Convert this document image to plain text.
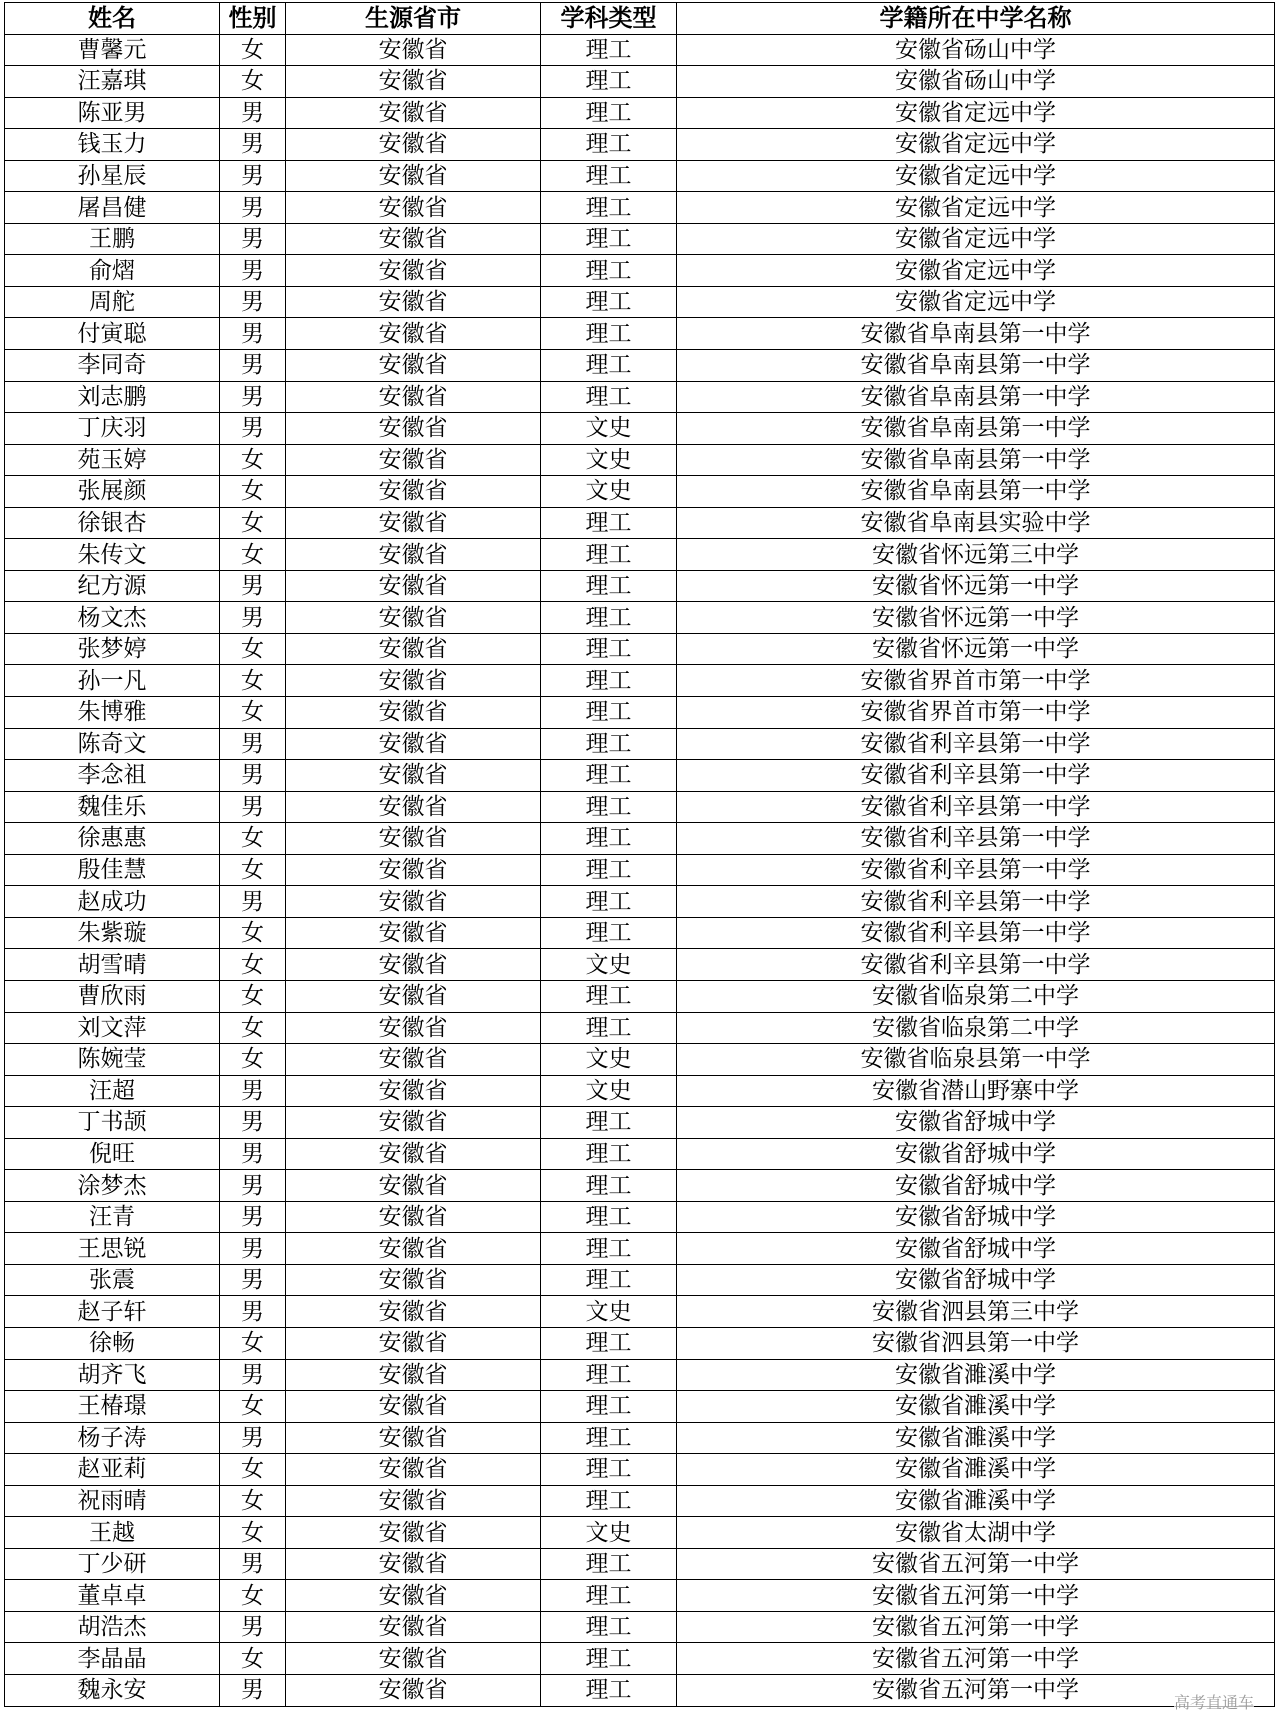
姓名	性别	生源省市	学科类型	学籍所在中学名称
曹馨元	女	安徽省	理工	安徽省砀山中学
汪嘉琪	女	安徽省	理工	安徽省砀山中学
陈亚男	男	安徽省	理工	安徽省定远中学
钱玉力	男	安徽省	理工	安徽省定远中学
孙星辰	男	安徽省	理工	安徽省定远中学
屠昌健	男	安徽省	理工	安徽省定远中学
王鹏	男	安徽省	理工	安徽省定远中学
俞熠	男	安徽省	理工	安徽省定远中学
周舵	男	安徽省	理工	安徽省定远中学
付寅聪	男	安徽省	理工	安徽省阜南县第一中学
李同奇	男	安徽省	理工	安徽省阜南县第一中学
刘志鹏	男	安徽省	理工	安徽省阜南县第一中学
丁庆羽	男	安徽省	文史	安徽省阜南县第一中学
苑玉婷	女	安徽省	文史	安徽省阜南县第一中学
张展颜	女	安徽省	文史	安徽省阜南县第一中学
徐银杏	女	安徽省	理工	安徽省阜南县实验中学
朱传文	女	安徽省	理工	安徽省怀远第三中学
纪方源	男	安徽省	理工	安徽省怀远第一中学
杨文杰	男	安徽省	理工	安徽省怀远第一中学
张梦婷	女	安徽省	理工	安徽省怀远第一中学
孙一凡	女	安徽省	理工	安徽省界首市第一中学
朱博雅	女	安徽省	理工	安徽省界首市第一中学
陈奇文	男	安徽省	理工	安徽省利辛县第一中学
李念祖	男	安徽省	理工	安徽省利辛县第一中学
魏佳乐	男	安徽省	理工	安徽省利辛县第一中学
徐惠惠	女	安徽省	理工	安徽省利辛县第一中学
殷佳慧	女	安徽省	理工	安徽省利辛县第一中学
赵成功	男	安徽省	理工	安徽省利辛县第一中学
朱紫璇	女	安徽省	理工	安徽省利辛县第一中学
胡雪晴	女	安徽省	文史	安徽省利辛县第一中学
曹欣雨	女	安徽省	理工	安徽省临泉第二中学
刘文萍	女	安徽省	理工	安徽省临泉第二中学
陈婉莹	女	安徽省	文史	安徽省临泉县第一中学
汪超	男	安徽省	文史	安徽省潜山野寨中学
丁书颉	男	安徽省	理工	安徽省舒城中学
倪旺	男	安徽省	理工	安徽省舒城中学
涂梦杰	男	安徽省	理工	安徽省舒城中学
汪青	男	安徽省	理工	安徽省舒城中学
王思锐	男	安徽省	理工	安徽省舒城中学
张震	男	安徽省	理工	安徽省舒城中学
赵子轩	男	安徽省	文史	安徽省泗县第三中学
徐畅	女	安徽省	理工	安徽省泗县第一中学
胡齐飞	男	安徽省	理工	安徽省濉溪中学
王椿璟	女	安徽省	理工	安徽省濉溪中学
杨子涛	男	安徽省	理工	安徽省濉溪中学
赵亚莉	女	安徽省	理工	安徽省濉溪中学
祝雨晴	女	安徽省	理工	安徽省濉溪中学
王越	女	安徽省	文史	安徽省太湖中学
丁少研	男	安徽省	理工	安徽省五河第一中学
董卓卓	女	安徽省	理工	安徽省五河第一中学
胡浩杰	男	安徽省	理工	安徽省五河第一中学
李晶晶	女	安徽省	理工	安徽省五河第一中学
魏永安	男	安徽省	理工	安徽省五河第一中学	高考直通车
